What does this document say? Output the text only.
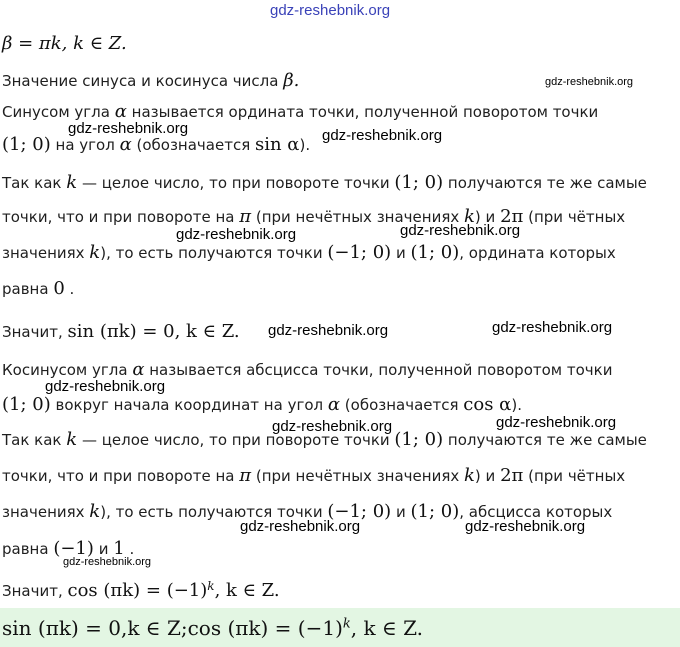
gdz-reshebnik.org
β = πk, k ∈ Z.
Значение синуса и косинуса числа β.
Синусом угла α называется ордината точки, полученной поворотом точки
(1; 0) на угол α (обозначается sin α).
Так как k — целое число, то при повороте точки (1; 0) получаются те же самые
точки, что и при повороте на π (при нечётных значениях k) и 2π (при чётных
значениях k), то есть получаются точки (−1; 0) и (1; 0), ордината которых
равна 0 .
Значит, sin (πk) = 0, k ∈ Z.
Косинусом угла α называется абсцисса точки, полученной поворотом точки
(1; 0) вокруг начала координат на угол α (обозначается cos α).
Так как k — целое число, то при повороте точки (1; 0) получаются те же самые
точки, что и при повороте на π (при нечётных значениях k) и 2π (при чётных
значениях k), то есть получаются точки (−1; 0) и (1; 0), абсцисса которых
равна (−1) и 1 .
Значит, $\cos (\pi k) = (-1)^k$, k ∈ Z.
sin (πk) = 0,k ∈ Z;cos $(\pi k) = (-1)^k$, k ∈ Z.
gdz-reshebnik.org
gdz-reshebnik.org	gdz-reshebnik.org
gdz-reshebnik.org	gdz-reshebnik.org
gdz-reshebnik.org	gdz-reshebnik.org
gdz-reshebnik.org
gdz-reshebnik.org	gdz-reshebnik.org
gdz-reshebnik.org	gdz-reshebnik.org
gdz-reshebnik.org
